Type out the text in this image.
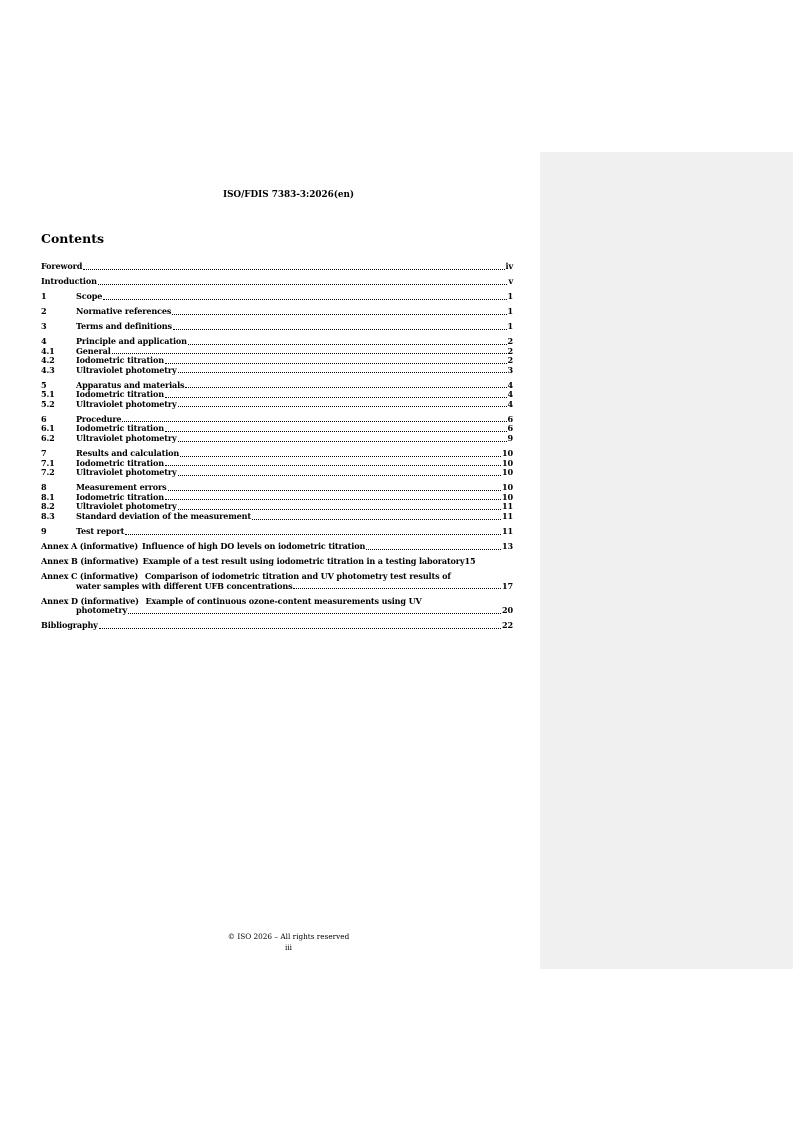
ISO/FDIS 7383-3:2026(en)
Contents
Foreword	iv
Introduction	v
1	Scope	1
2	Normative references	1
3	Terms and definitions	1
4	Principle and application	2
4.1	General	2
4.2	Iodometric titration	2
4.3	Ultraviolet photometry	3
5	Apparatus and materials	4
5.1	Iodometric titration	4
5.2	Ultraviolet photometry	4
6	Procedure	6
6.1	Iodometric titration	6
6.2	Ultraviolet photometry	9
7	Results and calculation	10
7.1	Iodometric titration	10
7.2	Ultraviolet photometry	10
8	Measurement errors	10
8.1	Iodometric titration	10
8.2	Ultraviolet photometry	11
8.3	Standard deviation of the measurement	11
9	Test report	11
Annex A (informative) Influence of high DO levels on iodometric titration	13
Annex B (informative) Example of a test result using iodometric titration in a testing laboratory 15
Annex C (informative) Comparison of iodometric titration and UV photometry test results of
water samples with different UFB concentrations	17
Annex D (informative) Example of continuous ozone-content measurements using UV
photometry	20
Bibliography	22
© ISO 2026 – All rights reserved
iii
